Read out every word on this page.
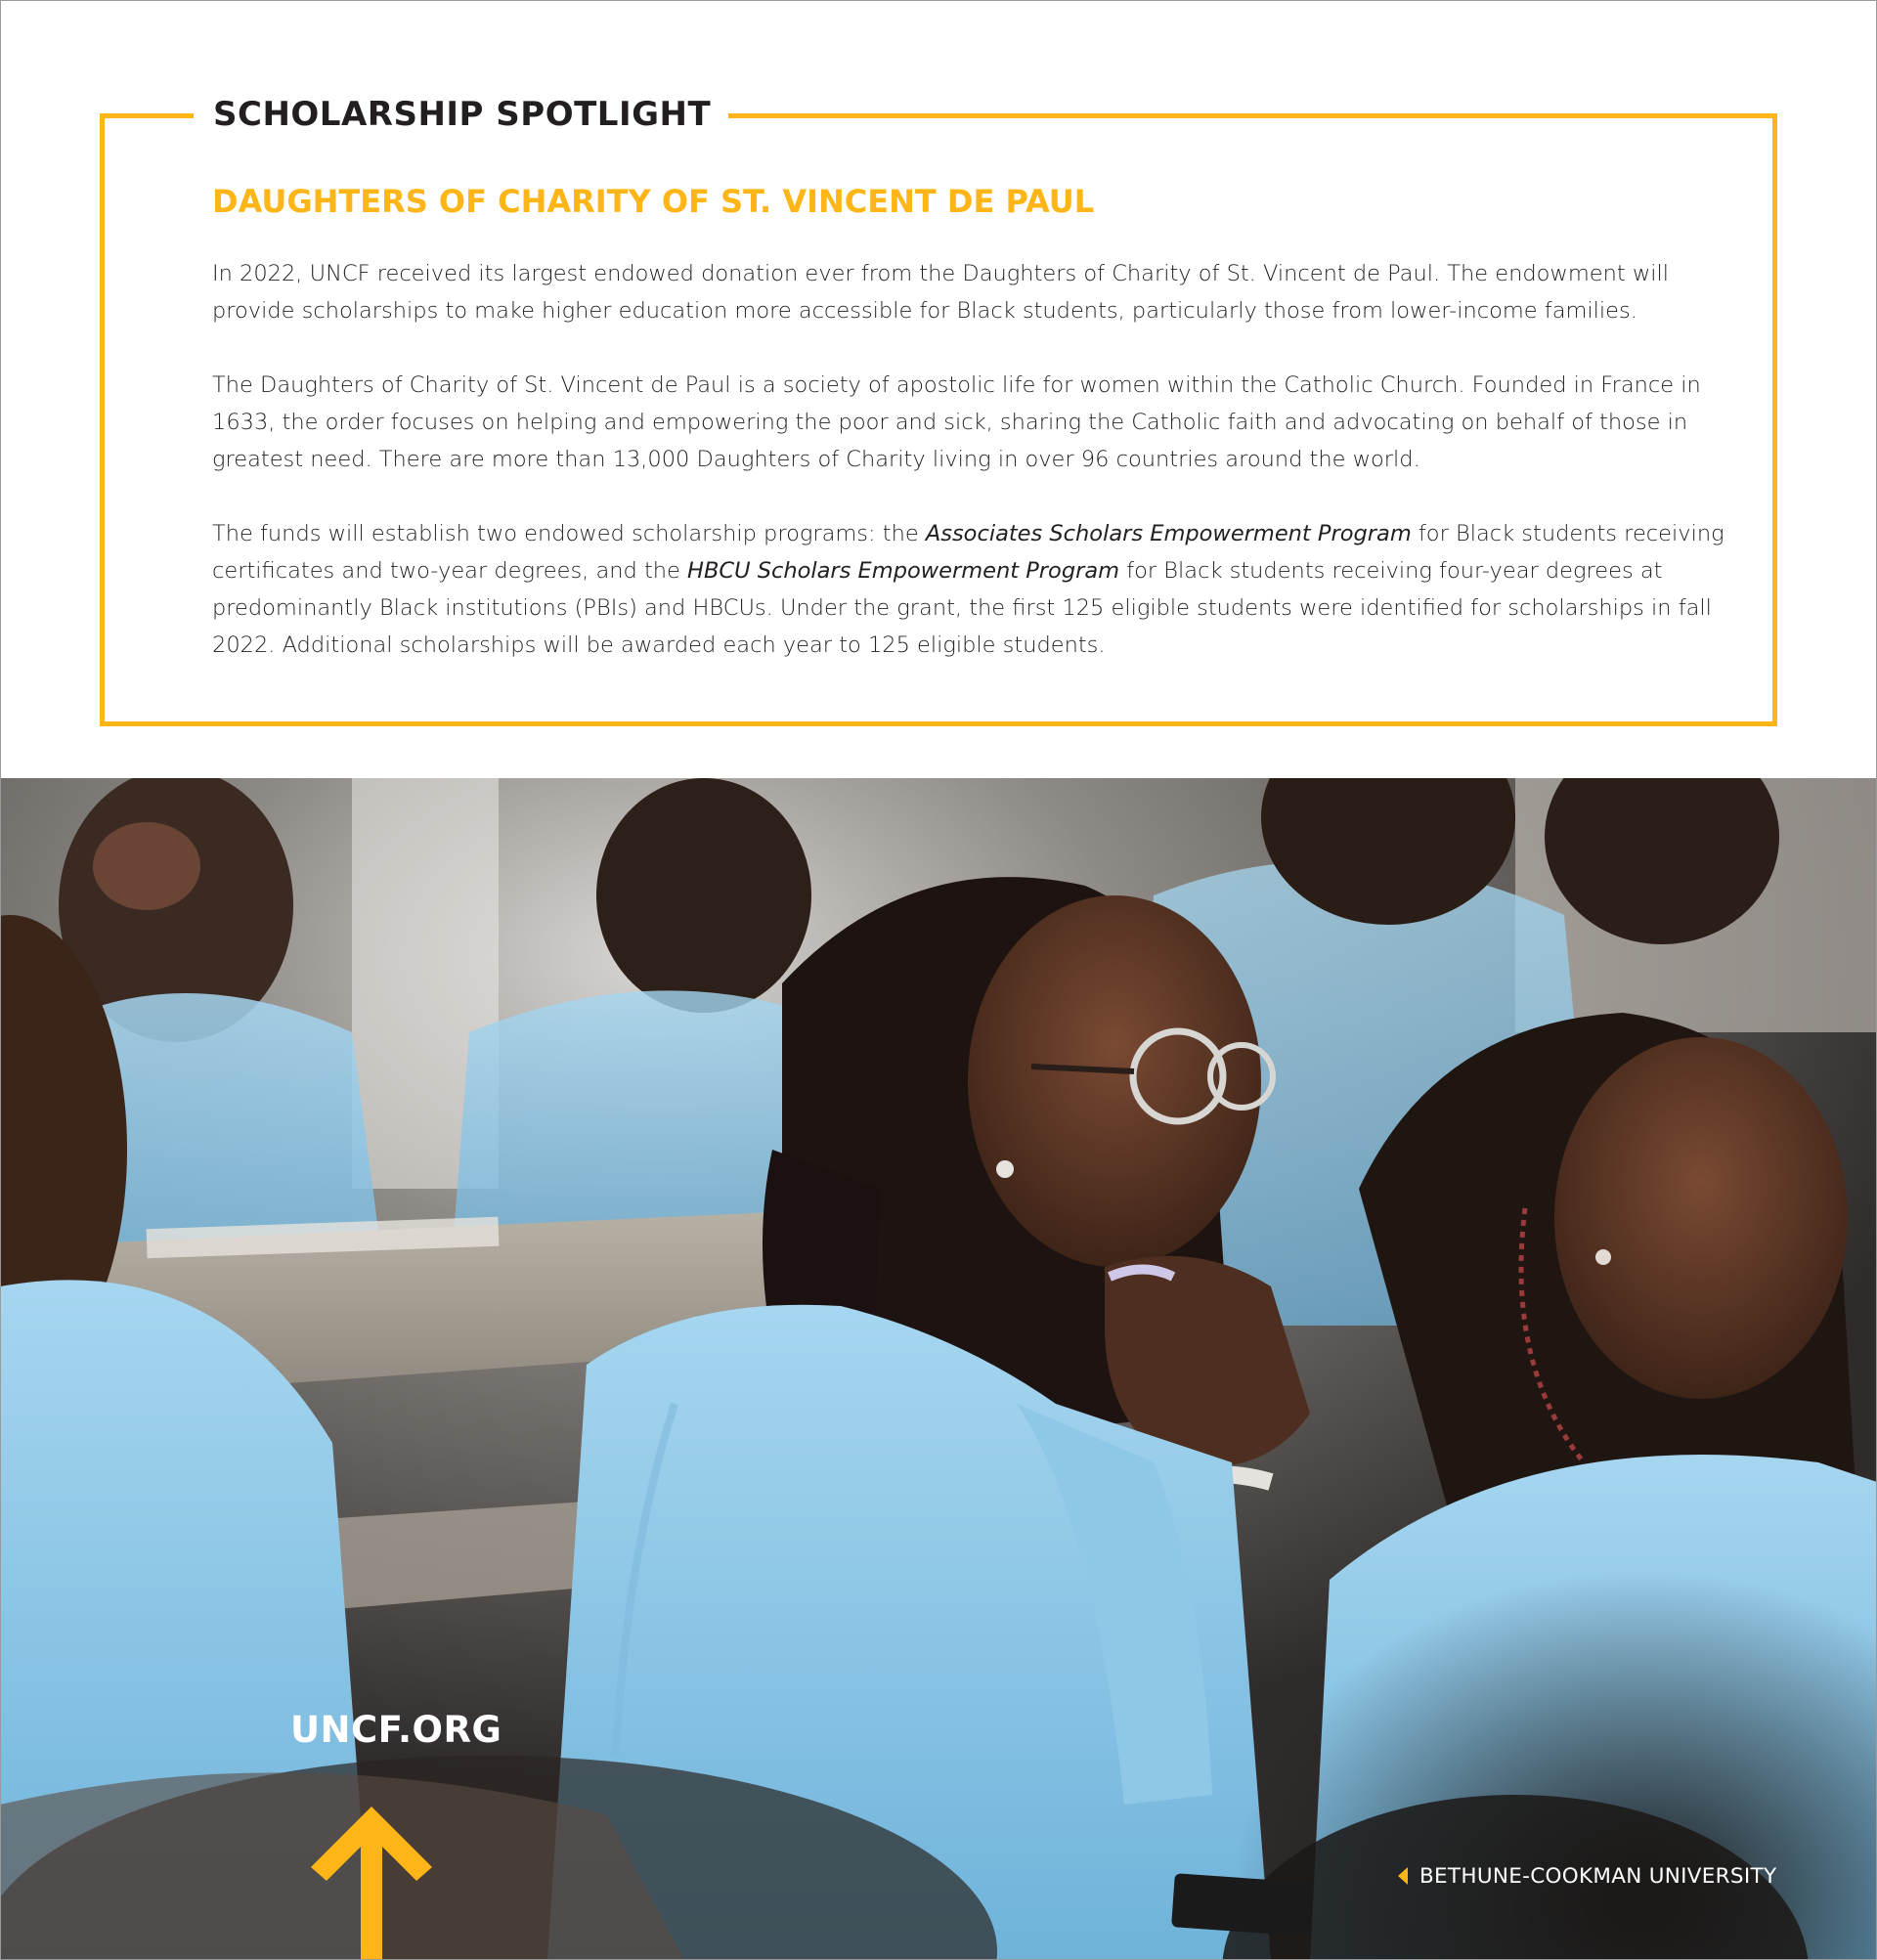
SCHOLARSHIP SPOTLIGHT
DAUGHTERS OF CHARITY OF ST. VINCENT DE PAUL

In 2022, UNCF received its largest endowed donation ever from the Daughters of Charity of St. Vincent de Paul. The endowment will provide scholarships to make higher education more accessible for Black students, particularly those from lower-income families.

The Daughters of Charity of St. Vincent de Paul is a society of apostolic life for women within the Catholic Church. Founded in France in 1633, the order focuses on helping and empowering the poor and sick, sharing the Catholic faith and advocating on behalf of those in greatest need. There are more than 13,000 Daughters of Charity living in over 96 countries around the world.

The funds will establish two endowed scholarship programs: the Associates Scholars Empowerment Program for Black students receiving certificates and two-year degrees, and the HBCU Scholars Empowerment Program for Black students receiving four-year degrees at predominantly Black institutions (PBIs) and HBCUs. Under the grant, the first 125 eligible students were identified for scholarships in fall 2022. Additional scholarships will be awarded each year to 125 eligible students.

UNCF.ORG
BETHUNE-COOKMAN UNIVERSITY
